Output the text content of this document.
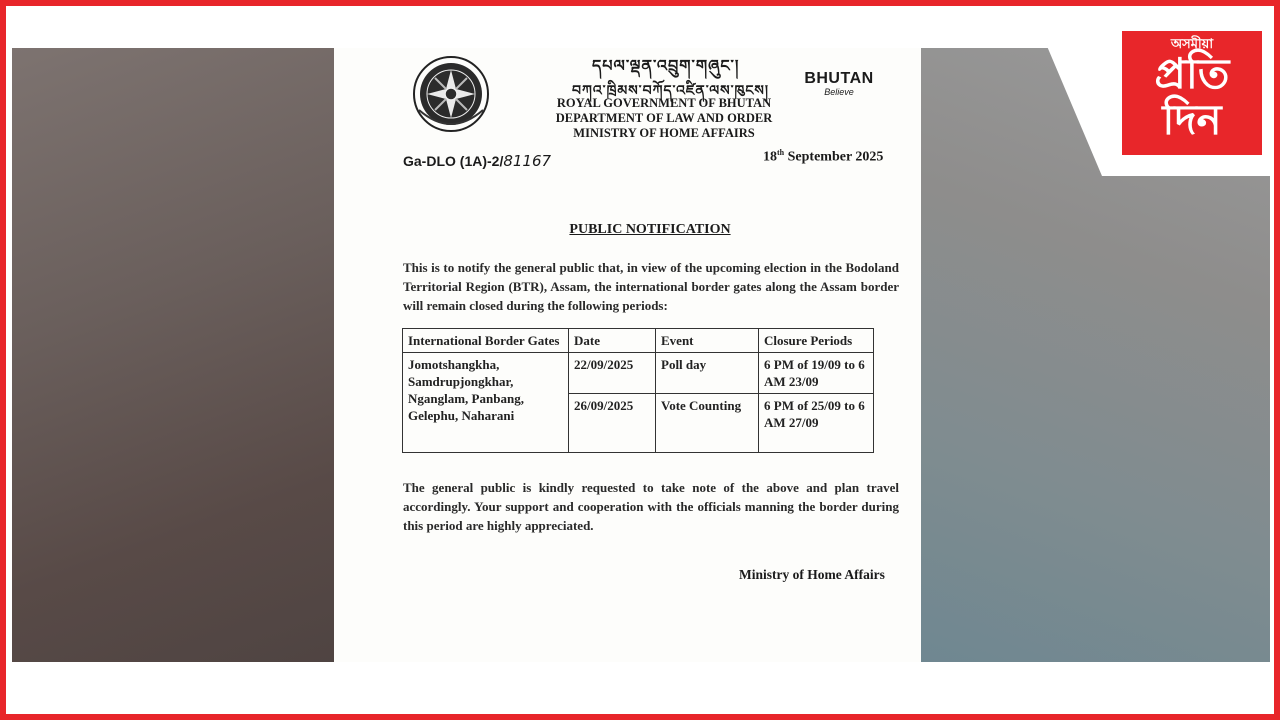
অসমীয়া
প্ৰতি
দিন
དཔལ་ལྡན་འབྲུག་གཞུང་།
བཀའ་ཁྲིམས་བཀོད་འཛིན་ལས་ཁུངས།
ROYAL GOVERNMENT OF BHUTAN
DEPARTMENT OF LAW AND ORDER
MINISTRY OF HOME AFFAIRS
BHUTAN
Believe
Ga-DLO (1A)-2/81167	18th September 2025
PUBLIC NOTIFICATION
This is to notify the general public that, in view of the upcoming election in the Bodoland Territorial Region (BTR), Assam, the international border gates along the Assam border will remain closed during the following periods:
International Border Gates	Date	Event	Closure Periods
Jomotshangkha, Samdrupjongkhar, Nganglam, Panbang, Gelephu, Naharani	22/09/2025	Poll day	6 PM of 19/09 to 6 AM 23/09
	26/09/2025	Vote Counting	6 PM of 25/09 to 6 AM 27/09
The general public is kindly requested to take note of the above and plan travel accordingly. Your support and cooperation with the officials manning the border during this period are highly appreciated.
Ministry of Home Affairs
